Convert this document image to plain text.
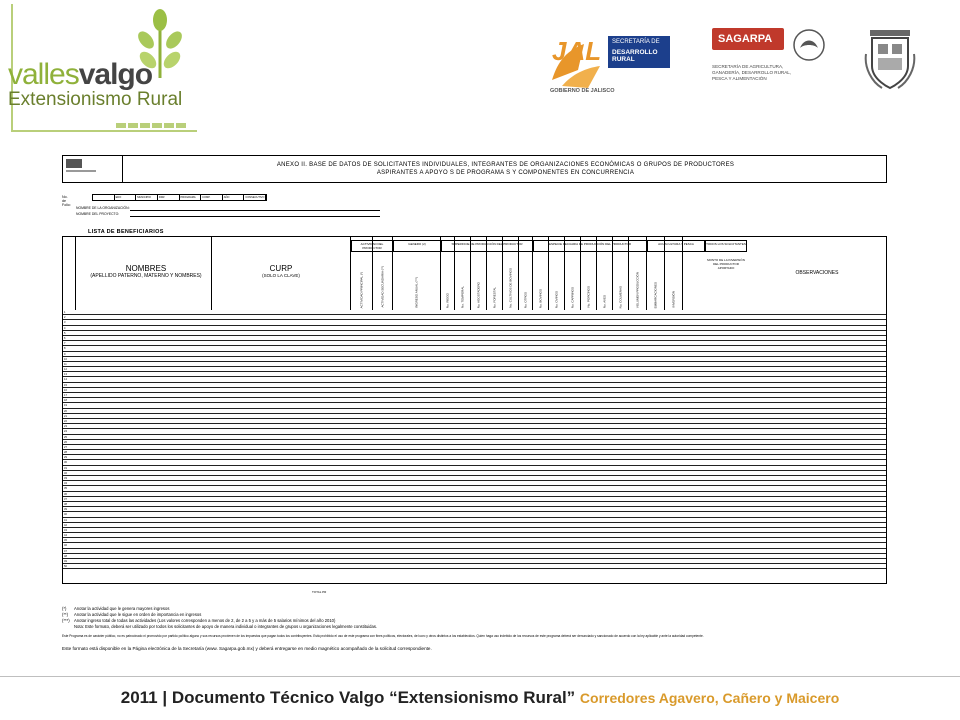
vallesvalgo
Extensionismo Rural
JAL SECRETARÍA DE
DESARROLLO RURAL
GOBIERNO DE JALISCO
SAGARPA
SECRETARÍA DE AGRICULTURA, GANADERÍA, DESARROLLO RURAL, PESCA Y ALIMENTACIÓN
ANEXO II. BASE DE DATOS DE SOLICITANTES INDIVIDUALES, INTEGRANTES DE ORGANIZACIONES ECONÓMICAS O GRUPOS DE PRODUCTORES
ASPIRANTES A APOYO S DE PROGRAMA S Y COMPONENTES EN CONCURRENCIA
No. de Folio:
EDO	MUNICIPIO	DDR	PROGRAMA	COMP.	AÑO	CONSECUTIVO
NOMBRE DE LA ORGANIZACIÓN:
NOMBRE DEL PROYECTO:
LISTA DE BENEFICIARIOS
NOMBRES
(APELLIDO PATERNO, MATERNO Y NOMBRES)
CURP
(SOLO LA CLAVE)	ACTIVIDAD PRINCIPAL (*)	ACTIVIDAD SECUNDARIA (**)	INGRESO ANUAL (***)	No. RIEGO	No. TEMPORAL	No. AGOSTADERO	No. FORESTAL	No. CULTIVOS DE BOVINOS	No. OTROS	No. BOVINOS	No. OVINOS	No. CAPRINOS	No. PORCINOS	No. AVES	No. COLMENAS	VOLUMEN PRODUCCIÓN	EMBARCACIONES	INVERSIÓN
ACTIVIDAD DEL PRODUCTOR
GENERO (2)	SUPERFICIE DE PRODUCCIÓN DEL PRODUCTOR	ESPECIE PECUARIA DE PRODUCCIÓN DEL PRODUCTOR	ACUACULTURA Y PESCA	TODOS LOS SOLICITANTES
MONTO DE LA INVERSIÓN DEL PRODUCTOR APORTADO
OBSERVACIONES
1
2
3
4
5
6
7
8
9
10
11
12
13
14
15
16
17
18
19
20
21
22
23
24
25
26
27
28
29
30
31
32
33
34
35
36
37
38
39
40
41
42
43
44
45
46
47
48
49
50
TOTAL PR
(*)	Anotar la actividad que le genera mayores ingresos
(**)	Anotar la actividad que le sigue en orden de importancia en ingresos
(***)	Anotar ingreso total de todas las actividades (Los valores corresponden a menos de 2, de 2 a 5 y a más de 5 salarios mínimos del año 2010)
Nota: Este formato, deberá ser utilizado por todos los solicitantes de apoyo de manera individual o integrantes de grupos u organizaciones legalmente constituidas.
Este Programa es de carácter público, no es patrocinado ni promovido por partido político alguno y sus recursos provienen de los impuestos que pagan todos los contribuyentes. Está prohibido el uso de este programa con fines políticos, electorales, de lucro y otros distintos a los establecidos. Quien haga uso indebido de los recursos de este programa deberá ser denunciado y sancionado de acuerdo con la ley aplicable y ante la autoridad competente.
Este formato está disponible en la Página electrónica de la Secretaría (www. Sagarpa.gob.mx) y deberá entregarse en medio magnético acompañado de la solicitud correspondiente.
2011 | Documento Técnico Valgo “Extensionismo Rural” Corredores Agavero, Cañero y Maicero
